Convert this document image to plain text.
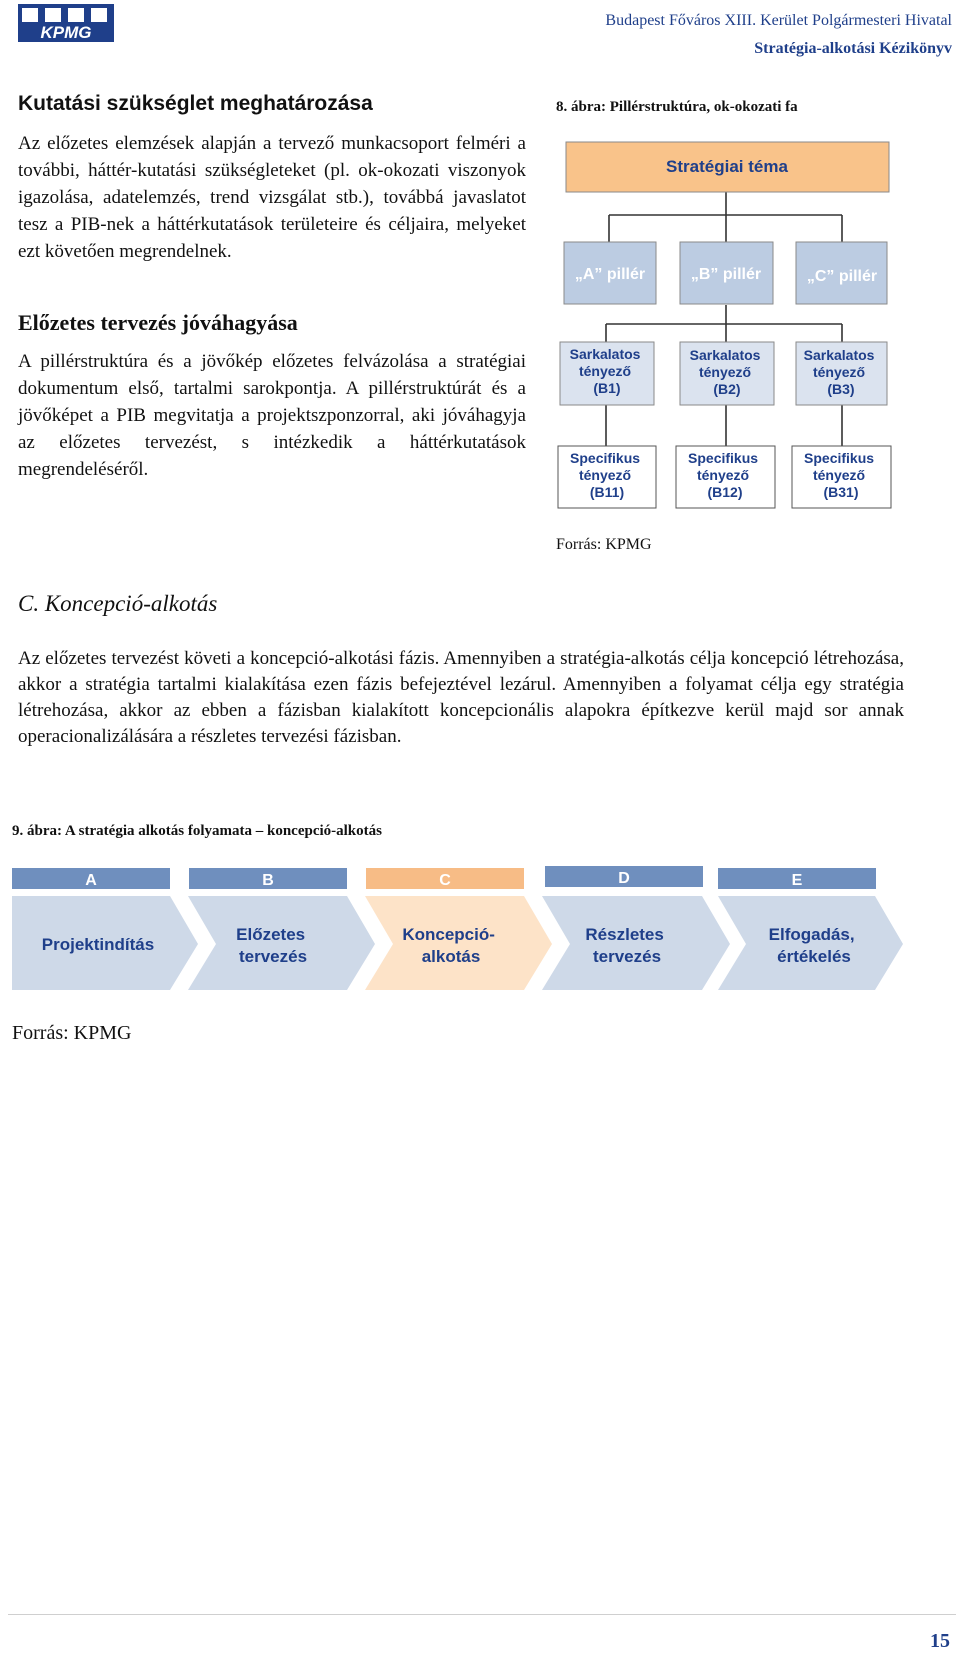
KPMG
Budapest Főváros XIII. Kerület Polgármesteri Hivatal
Stratégia-alkotási Kézikönyv
Kutatási szükséglet meghatározása
Az előzetes elemzések alapján a tervező munkacsoport felméri a további, háttér-kutatási szükségleteket (pl. ok-okozati viszonyok igazolása, adatelemzés, trend vizsgálat stb.), továbbá javaslatot tesz a PIB-nek a háttérkutatások területeire és céljaira, melyeket ezt követően megrendelnek.
Előzetes tervezés jóváhagyása
A pillérstruktúra és a jövőkép előzetes felvázolása a stratégiai dokumentum első, tartalmi sarokpontja. A pillérstruktúrát és a jövőképet a PIB megvitatja a projektszponzorral, aki jóváhagyja az előzetes tervezést, s intézkedik a háttérkutatások megrendeléséről.
8. ábra: Pillérstruktúra, ok-okozati fa
Stratégiai téma
„A” pillér	„B” pillér	„C” pillér
Sarkalatos tényező (B1)
Sarkalatos tényező (B2)
Sarkalatos tényező (B3)
Specifikus tényező (B11)
Specifikus tényező (B12)
Specifikus tényező (B31)
Forrás: KPMG
C. Koncepció-alkotás
Az előzetes tervezést követi a koncepció-alkotási fázis. Amennyiben a stratégia-alkotás célja koncepció létrehozása, akkor a stratégia tartalmi kialakítása ezen fázis befejeztével lezárul. Amennyiben a folyamat célja egy stratégia létrehozása, akkor az ebben a fázisban kialakított koncepcionális alapokra építkezve kerül majd sor annak operacionalizálására a részletes tervezési fázisban.
9. ábra: A stratégia alkotás folyamata – koncepció-alkotás
A	B	C	D	E
Projektindítás
Előzetes tervezés
Koncepció- alkotás
Részletes tervezés
Elfogadás, értékelés
Forrás: KPMG
15
